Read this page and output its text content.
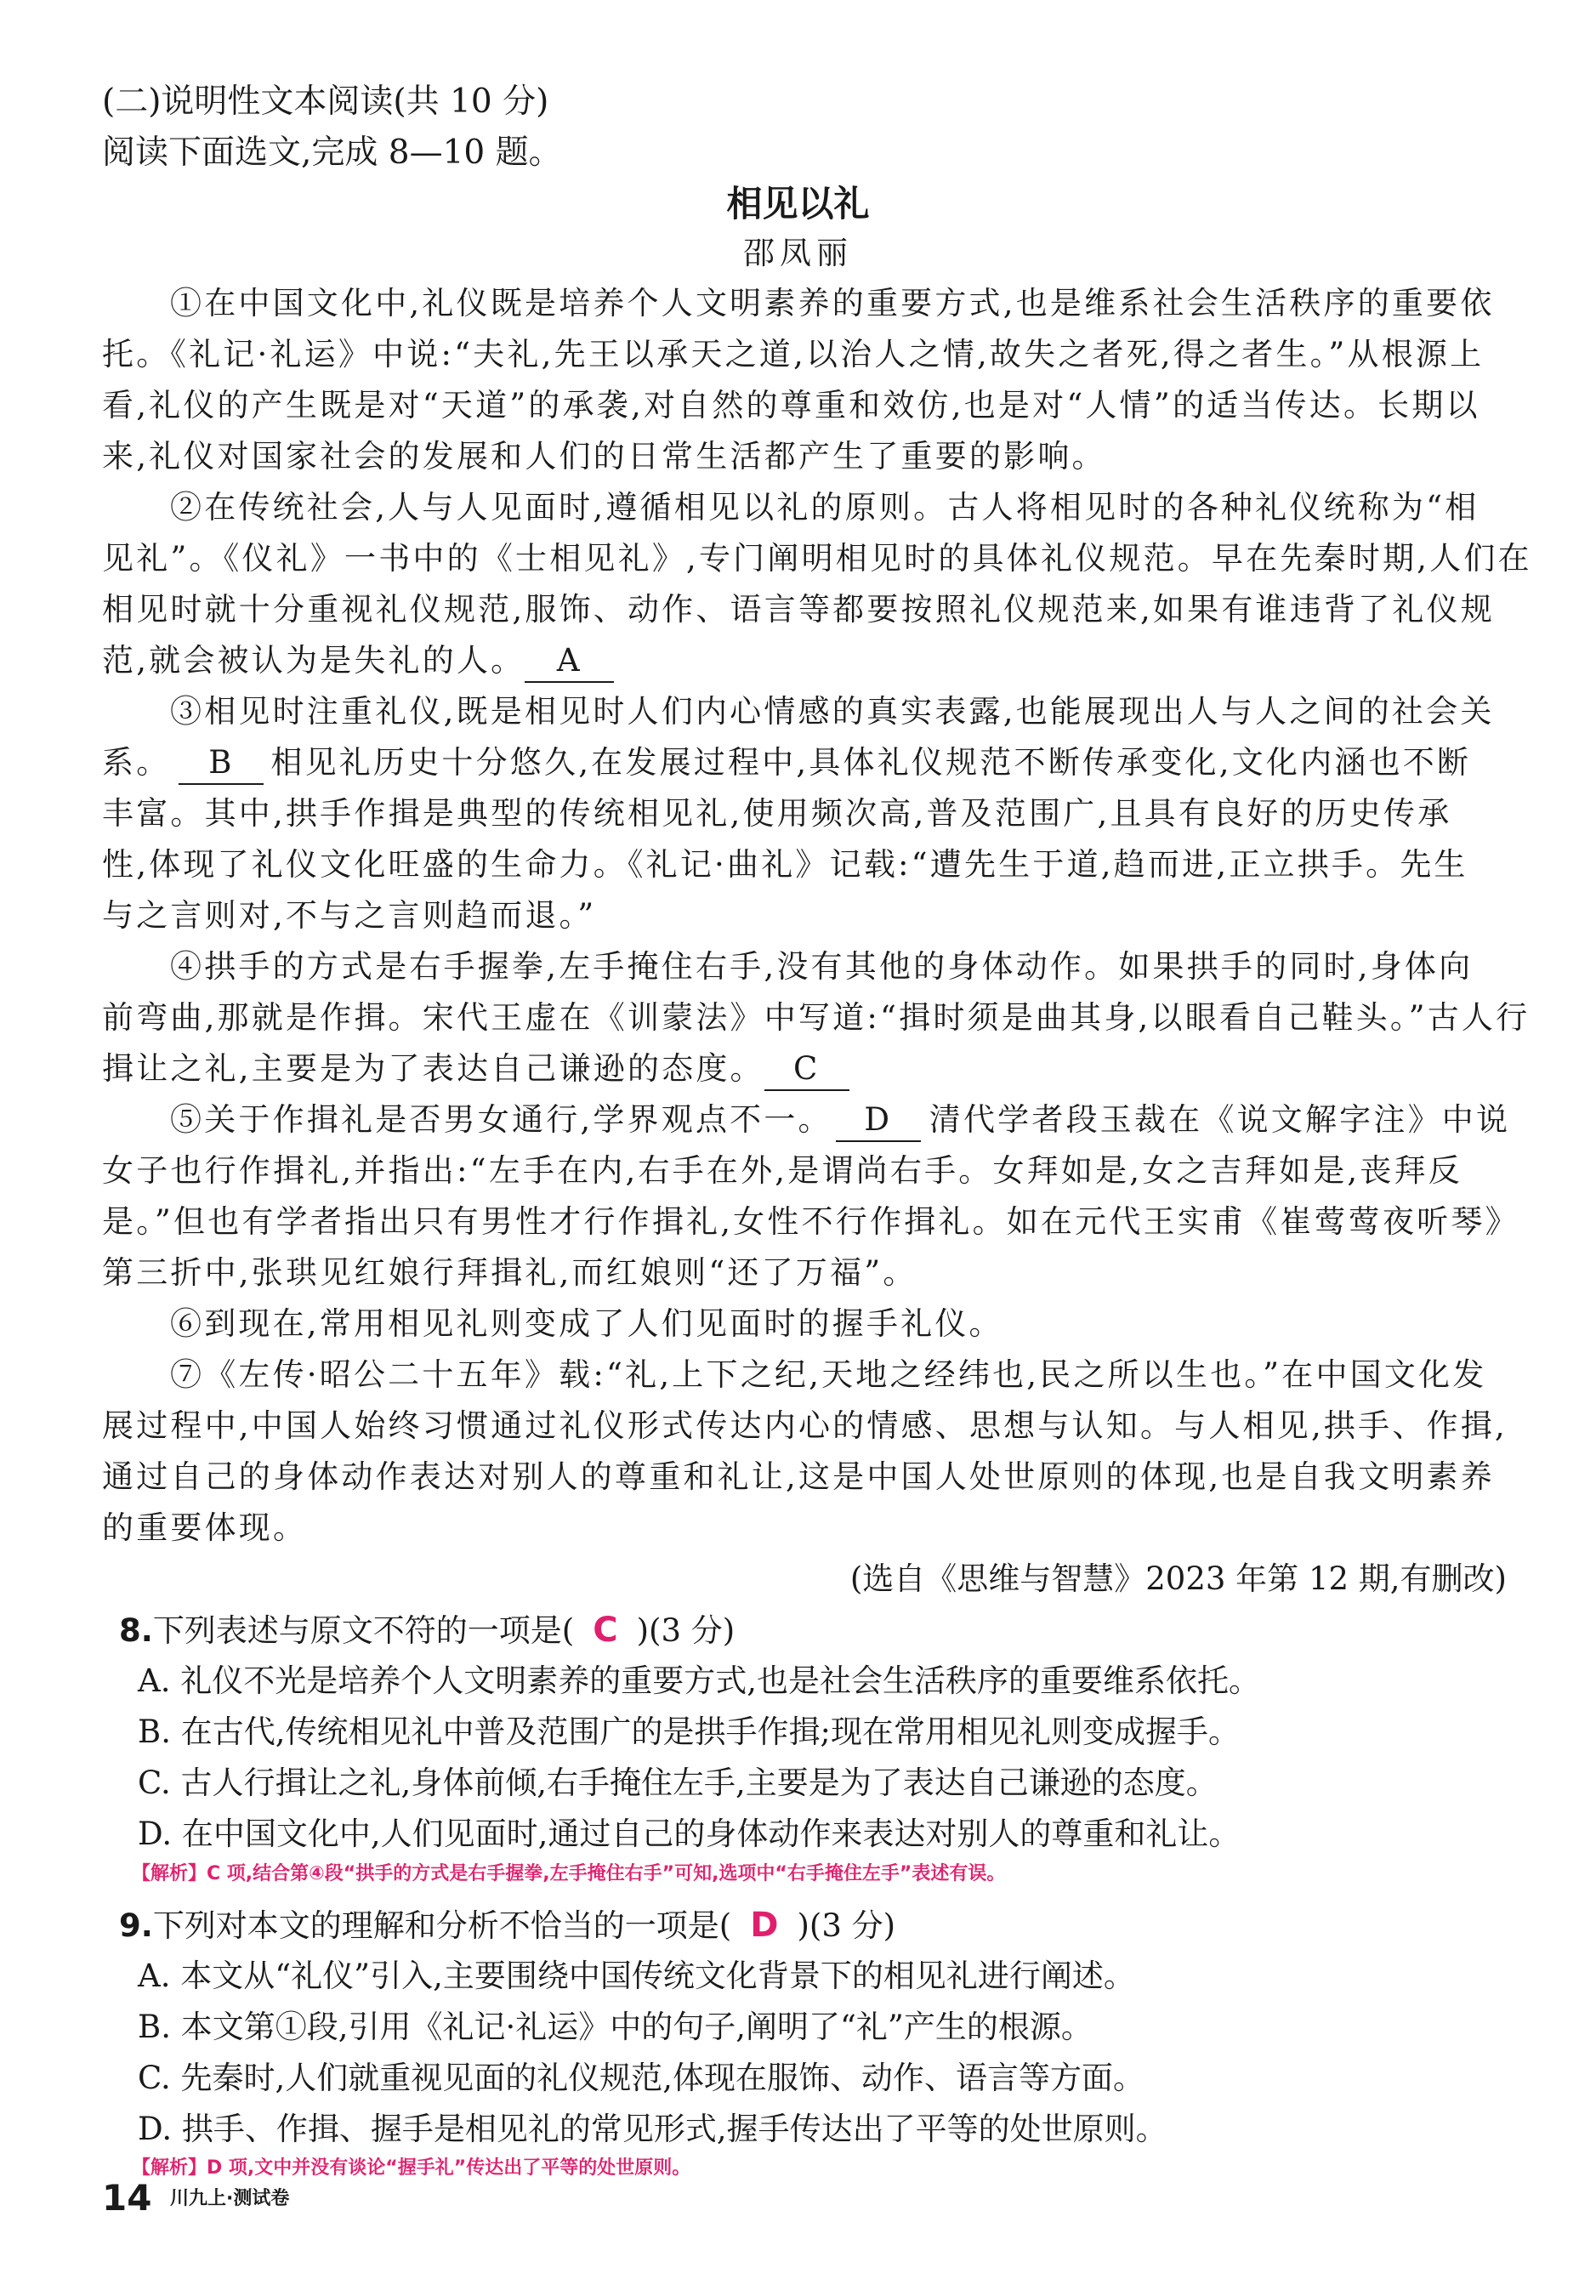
(二)说明性文本阅读(共 10 分)
阅读下面选文,完成 8—10 题。
相见以礼
邵凤丽
①在中国文化中,礼仪既是培养个人文明素养的重要方式,也是维系社会生活秩序的重要依
托。《礼记·礼运》中说:“夫礼,先王以承天之道,以治人之情,故失之者死,得之者生。”从根源上
看,礼仪的产生既是对“天道”的承袭,对自然的尊重和效仿,也是对“人情”的适当传达。长期以
来,礼仪对国家社会的发展和人们的日常生活都产生了重要的影响。
②在传统社会,人与人见面时,遵循相见以礼的原则。古人将相见时的各种礼仪统称为“相
见礼”。《仪礼》一书中的《士相见礼》,专门阐明相见时的具体礼仪规范。早在先秦时期,人们在
相见时就十分重视礼仪规范,服饰、动作、语言等都要按照礼仪规范来,如果有谁违背了礼仪规
范,就会被认为是失礼的人。 A
③相见时注重礼仪,既是相见时人们内心情感的真实表露,也能展现出人与人之间的社会关
系。 B 相见礼历史十分悠久,在发展过程中,具体礼仪规范不断传承变化,文化内涵也不断
丰富。其中,拱手作揖是典型的传统相见礼,使用频次高,普及范围广,且具有良好的历史传承
性,体现了礼仪文化旺盛的生命力。《礼记·曲礼》记载:“遭先生于道,趋而进,正立拱手。先生
与之言则对,不与之言则趋而退。”
④拱手的方式是右手握拳,左手掩住右手,没有其他的身体动作。如果拱手的同时,身体向
前弯曲,那就是作揖。宋代王虚在《训蒙法》中写道:“揖时须是曲其身,以眼看自己鞋头。”古人行
揖让之礼,主要是为了表达自己谦逊的态度。 C
⑤关于作揖礼是否男女通行,学界观点不一。 D 清代学者段玉裁在《说文解字注》中说
女子也行作揖礼,并指出:“左手在内,右手在外,是谓尚右手。女拜如是,女之吉拜如是,丧拜反
是。”但也有学者指出只有男性才行作揖礼,女性不行作揖礼。如在元代王实甫《崔莺莺夜听琴》
第三折中,张珙见红娘行拜揖礼,而红娘则“还了万福”。
⑥到现在,常用相见礼则变成了人们见面时的握手礼仪。
⑦《左传·昭公二十五年》载:“礼,上下之纪,天地之经纬也,民之所以生也。”在中国文化发
展过程中,中国人始终习惯通过礼仪形式传达内心的情感、思想与认知。与人相见,拱手、作揖,
通过自己的身体动作表达对别人的尊重和礼让,这是中国人处世原则的体现,也是自我文明素养
的重要体现。
(选自《思维与智慧》2023 年第 12 期,有删改)
8.下列表述与原文不符的一项是( C )(3 分)
A. 礼仪不光是培养个人文明素养的重要方式,也是社会生活秩序的重要维系依托。
B. 在古代,传统相见礼中普及范围广的是拱手作揖;现在常用相见礼则变成握手。
C. 古人行揖让之礼,身体前倾,右手掩住左手,主要是为了表达自己谦逊的态度。
D. 在中国文化中,人们见面时,通过自己的身体动作来表达对别人的尊重和礼让。
【解析】C 项,结合第④段“拱手的方式是右手握拳,左手掩住右手”可知,选项中“右手掩住左手”表述有误。
9.下列对本文的理解和分析不恰当的一项是( D )(3 分)
A. 本文从“礼仪”引入,主要围绕中国传统文化背景下的相见礼进行阐述。
B. 本文第①段,引用《礼记·礼运》中的句子,阐明了“礼”产生的根源。
C. 先秦时,人们就重视见面的礼仪规范,体现在服饰、动作、语言等方面。
D. 拱手、作揖、握手是相见礼的常见形式,握手传达出了平等的处世原则。
【解析】D 项,文中并没有谈论“握手礼”传达出了平等的处世原则。
14 川九上·测试卷
